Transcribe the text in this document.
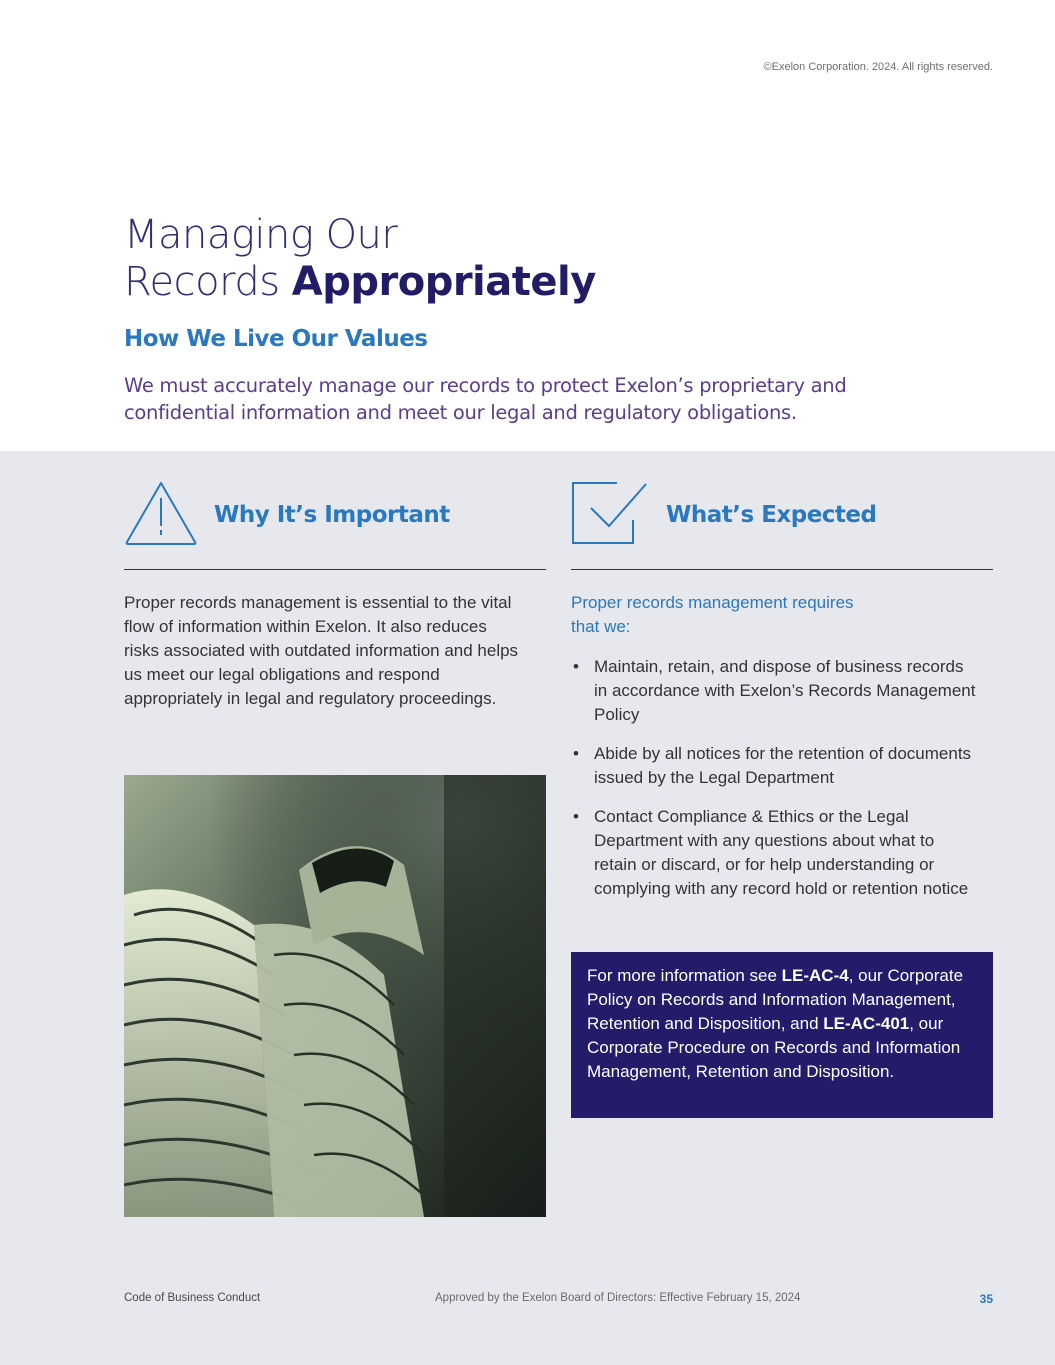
©Exelon Corporation. 2024. All rights reserved.
Managing Our
Records Appropriately
How We Live Our Values

We must accurately manage our records to protect Exelon’s proprietary and confidential information and meet our legal and regulatory obligations.

Why It’s Important

Proper records management is essential to the vital flow of information within Exelon. It also reduces risks associated with outdated information and helps us meet our legal obligations and respond appropriately in legal and regulatory proceedings.

What’s Expected

Proper records management requires that we:

• Maintain, retain, and dispose of business records in accordance with Exelon’s Records Management Policy
• Abide by all notices for the retention of documents issued by the Legal Department
• Contact Compliance & Ethics or the Legal Department with any questions about what to retain or discard, or for help understanding or complying with any record hold or retention notice
For more information see LE-AC-4, our Corporate Policy on Records and Information Management, Retention and Disposition, and LE-AC-401, our Corporate Procedure on Records and Information Management, Retention and Disposition.
Code of Business Conduct	Approved by the Exelon Board of Directors: Effective February 15, 2024	35
